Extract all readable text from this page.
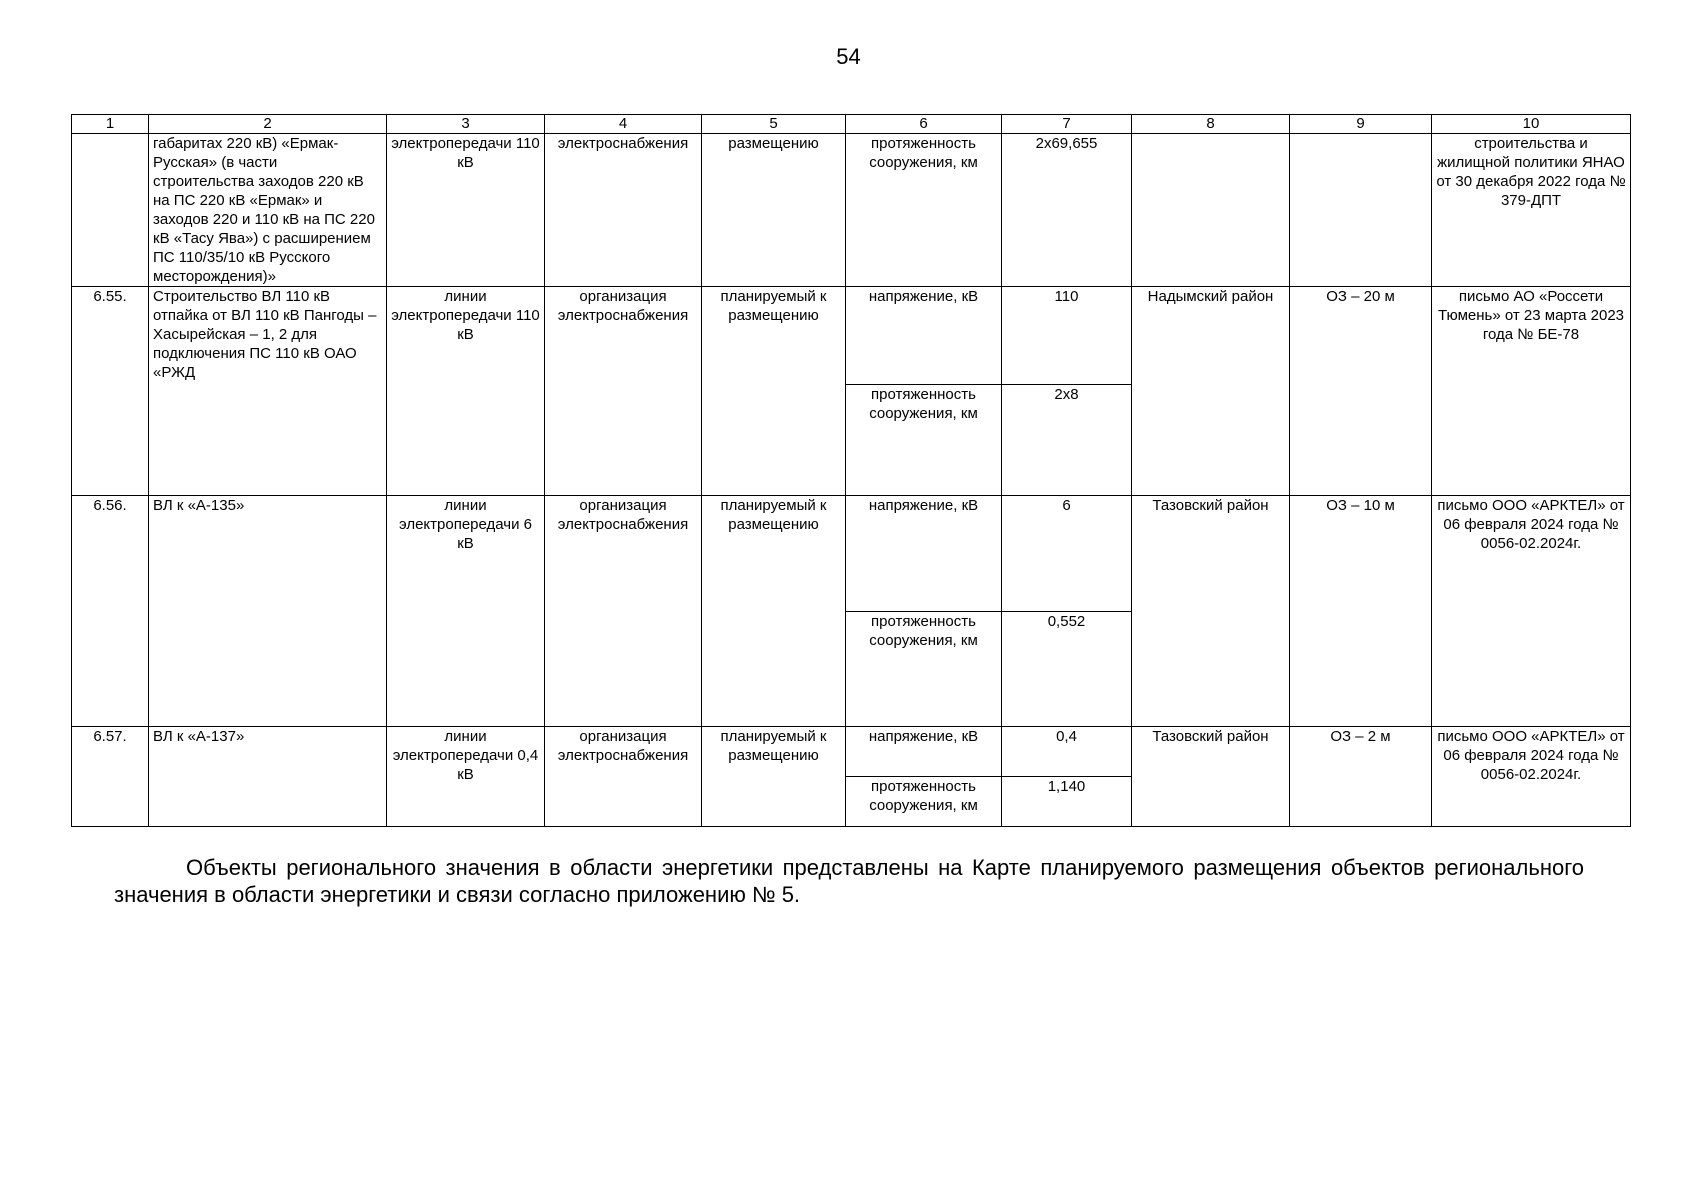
54
1	2	3	4	5	6	7	8	9	10
	габаритах 220 кВ) «Ермак-Русская» (в части строительства заходов 220 кВ на ПС 220 кВ «Ермак» и заходов 220 и 110 кВ на ПС 220 кВ «Тасу Ява») с расширением ПС 110/35/10 кВ Русского месторождения)»	электропередачи 110 кВ	электроснабжения	размещению	протяженность сооружения, км	2х69,655			строительства и жилищной политики ЯНАО от 30 декабря 2022 года № 379-ДПТ
6.55.	Строительство ВЛ 110 кВ отпайка от ВЛ 110 кВ Пангоды – Хасырейская – 1, 2 для подключения ПС 110 кВ ОАО «РЖД	линии электропередачи 110 кВ	организация электроснабжения	планируемый к размещению	напряжение, кВ	110	Надымский район	ОЗ – 20 м	письмо АО «Россети Тюмень» от 23 марта 2023 года № БЕ-78
					протяженность сооружения, км	2х8			
6.56.	ВЛ к «А-135»	линии электропередачи 6 кВ	организация электроснабжения	планируемый к размещению	напряжение, кВ	6	Тазовский район	ОЗ – 10 м	письмо ООО «АРКТЕЛ» от 06 февраля 2024 года № 0056-02.2024г.
					протяженность сооружения, км	0,552			
6.57.	ВЛ к «А-137»	линии электропередачи 0,4 кВ	организация электроснабжения	планируемый к размещению	напряжение, кВ	0,4	Тазовский район	ОЗ – 2 м	письмо ООО «АРКТЕЛ» от 06 февраля 2024 года № 0056-02.2024г.
					протяженность сооружения, км	1,140			
Объекты регионального значения в области энергетики представлены на Карте планируемого размещения объектов регионального значения в области энергетики и связи согласно приложению № 5.
